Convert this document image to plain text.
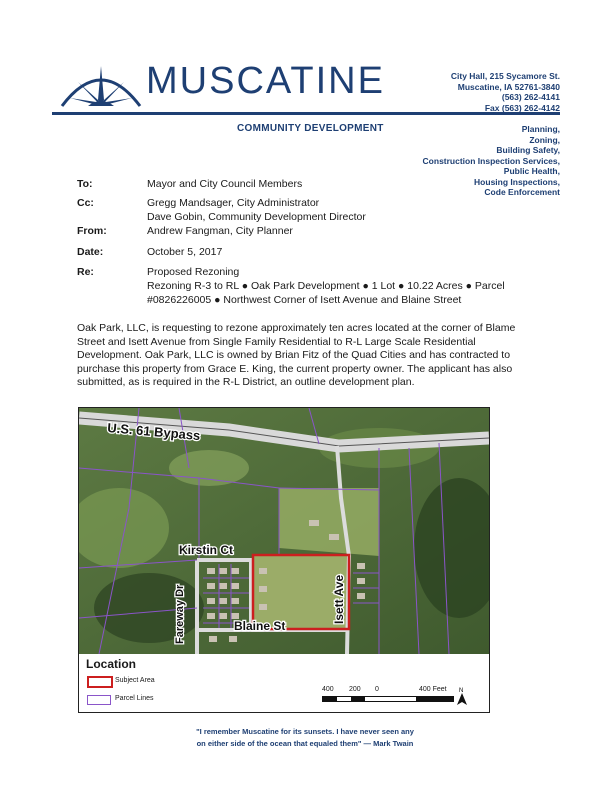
MUSCATINE
COMMUNITY DEVELOPMENT
City Hall, 215 Sycamore St.
Muscatine, IA 52761-3840
(563) 262-4141
Fax (563) 262-4142
Planning,
Zoning,
Building Safety,
Construction Inspection Services,
Public Health,
Housing Inspections,
Code Enforcement
To:	Mayor and City Council Members
Cc:	Gregg Mandsager, City Administrator
Dave Gobin, Community Development Director
From:	Andrew Fangman, City Planner
Date:	October 5, 2017
Re:	Proposed Rezoning
Rezoning R-3 to RL ● Oak Park Development ● 1 Lot ● 10.22 Acres ● Parcel
#0826226005 ● Northwest Corner of Isett Avenue and Blaine Street
Oak Park, LLC, is requesting to rezone approximately ten acres located at the corner of Blame Street and Isett Avenue from Single Family Residential to R-L Large Scale Residential Development. Oak Park, LLC is owned by Brian Fitz of the Quad Cities and has contracted to purchase this property from Grace E. King, the current property owner. The applicant has also submitted, as is required in the R-L District, an outline development plan.
U.S. 61 Bypass
Kirstin Ct
Fareway Dr	Isett Ave
Blaine St
Location
Subject Area
Parcel Lines
400 200 0	400 Feet N
"I remember Muscatine for its sunsets. I have never seen any
on either side of the ocean that equaled them" — Mark Twain
